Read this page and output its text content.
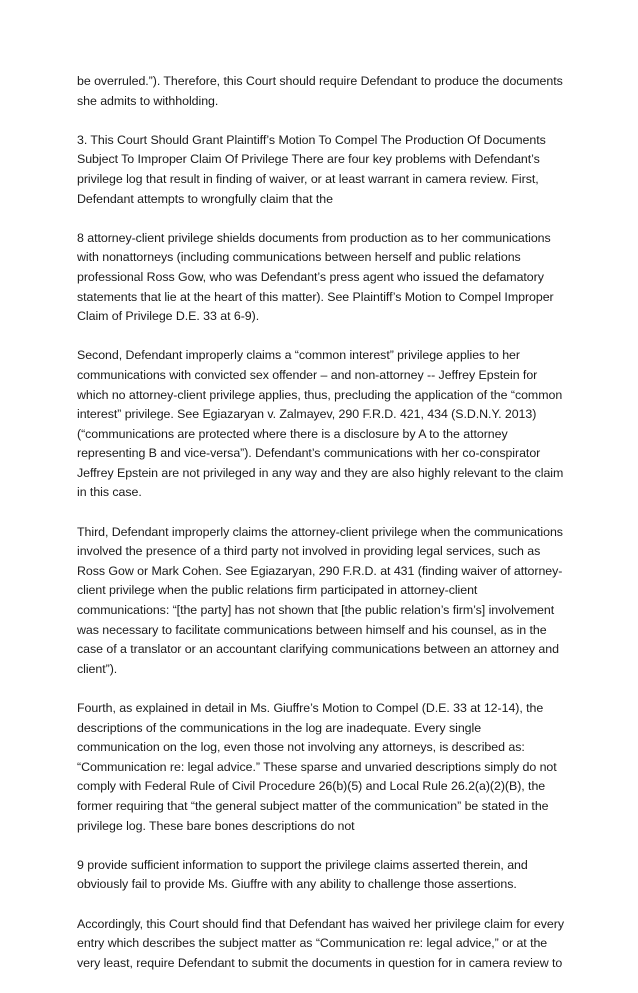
be overruled.”). Therefore, this Court should require Defendant to produce the documents she admits to withholding.

3. This Court Should Grant Plaintiff’s Motion To Compel The Production Of Documents Subject To Improper Claim Of Privilege There are four key problems with Defendant’s privilege log that result in finding of waiver, or at least warrant in camera review. First, Defendant attempts to wrongfully claim that the

8 attorney-client privilege shields documents from production as to her communications with nonattorneys (including communications between herself and public relations professional Ross Gow, who was Defendant’s press agent who issued the defamatory statements that lie at the heart of this matter). See Plaintiff’s Motion to Compel Improper Claim of Privilege D.E. 33 at 6-9).

Second, Defendant improperly claims a “common interest” privilege applies to her communications with convicted sex offender – and non-attorney -- Jeffrey Epstein for which no attorney-client privilege applies, thus, precluding the application of the “common interest” privilege. See Egiazaryan v. Zalmayev, 290 F.R.D. 421, 434 (S.D.N.Y. 2013) (“communications are protected where there is a disclosure by A to the attorney representing B and vice-versa”). Defendant’s communications with her co-conspirator Jeffrey Epstein are not privileged in any way and they are also highly relevant to the claim in this case.

Third, Defendant improperly claims the attorney-client privilege when the communications involved the presence of a third party not involved in providing legal services, such as Ross Gow or Mark Cohen. See Egiazaryan, 290 F.R.D. at 431 (finding waiver of attorney-client privilege when the public relations firm participated in attorney-client communications: “[the party] has not shown that [the public relation’s firm’s] involvement was necessary to facilitate communications between himself and his counsel, as in the case of a translator or an accountant clarifying communications between an attorney and client”).

Fourth, as explained in detail in Ms. Giuffre’s Motion to Compel (D.E. 33 at 12-14), the descriptions of the communications in the log are inadequate. Every single communication on the log, even those not involving any attorneys, is described as: “Communication re: legal advice.” These sparse and unvaried descriptions simply do not comply with Federal Rule of Civil Procedure 26(b)(5) and Local Rule 26.2(a)(2)(B), the former requiring that “the general subject matter of the communication” be stated in the privilege log. These bare bones descriptions do not

9 provide sufficient information to support the privilege claims asserted therein, and obviously fail to provide Ms. Giuffre with any ability to challenge those assertions.

Accordingly, this Court should find that Defendant has waived her privilege claim for every entry which describes the subject matter as “Communication re: legal advice,” or at the very least, require Defendant to submit the documents in question for in camera review to
